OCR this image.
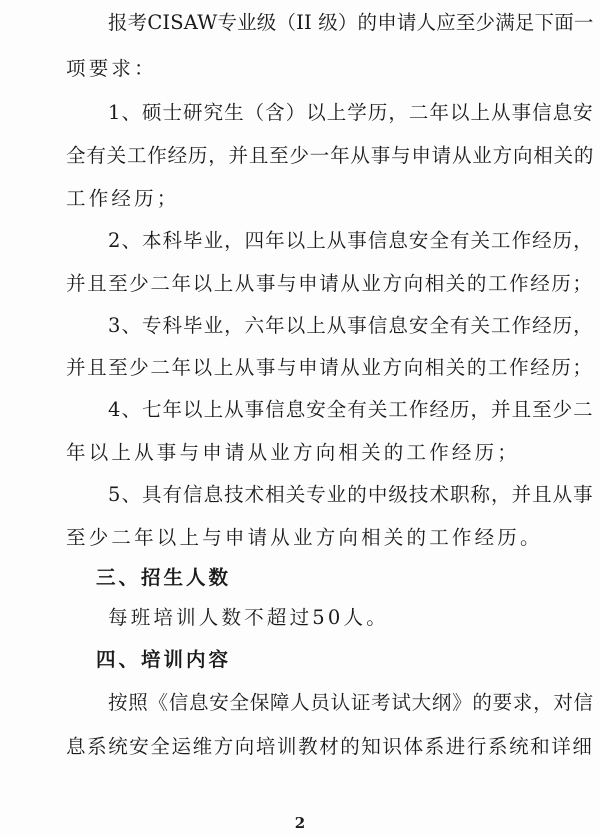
报考CISAW专业级（II 级）的申请人应至少满足下面一
项要求：
1、硕士研究生（含）以上学历，二年以上从事信息安
全有关工作经历，并且至少一年从事与申请从业方向相关的
工作经历；
2、本科毕业，四年以上从事信息安全有关工作经历，
并且至少二年以上从事与申请从业方向相关的工作经历；
3、专科毕业，六年以上从事信息安全有关工作经历，
并且至少二年以上从事与申请从业方向相关的工作经历；
4、七年以上从事信息安全有关工作经历，并且至少二
年以上从事与申请从业方向相关的工作经历；
5、具有信息技术相关专业的中级技术职称，并且从事
至少二年以上与申请从业方向相关的工作经历。
三、招生人数
每班培训人数不超过50人。
四、培训内容
按照《信息安全保障人员认证考试大纲》的要求，对信
息系统安全运维方向培训教材的知识体系进行系统和详细
2
